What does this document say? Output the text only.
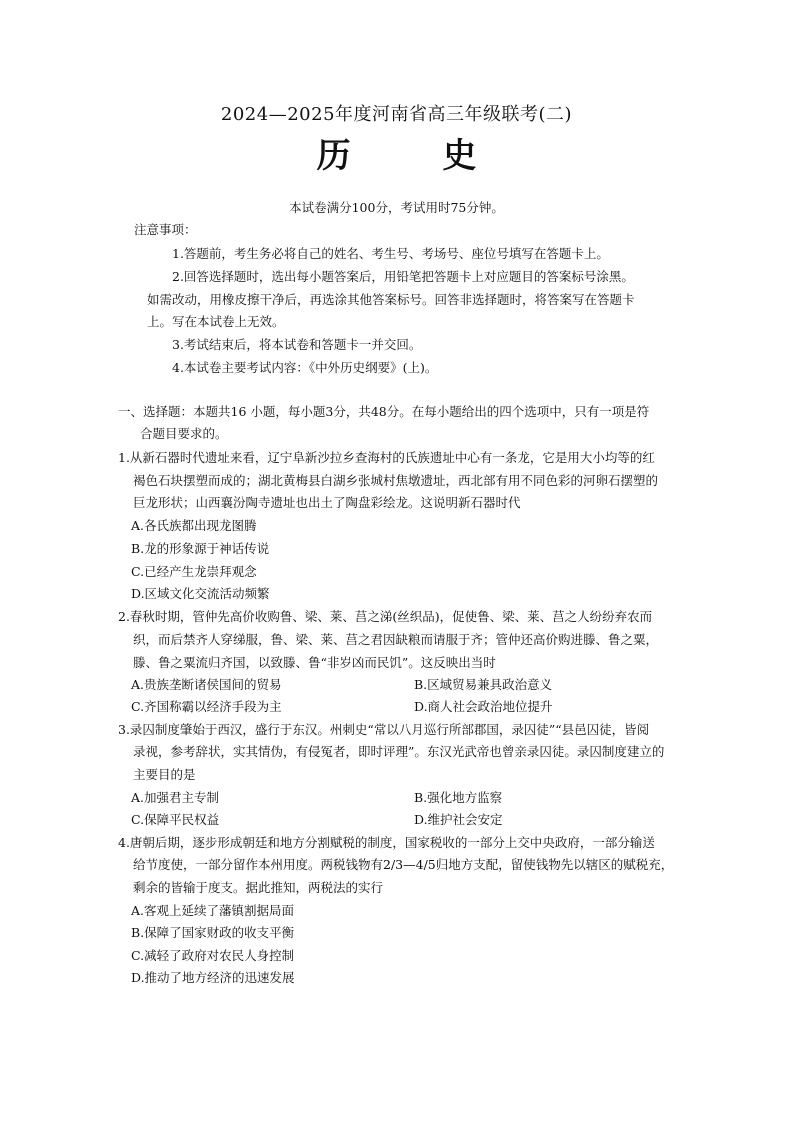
2024—2025年度河南省高三年级联考(二)
历 史
本试卷满分100分，考试用时75分钟。
注意事项：
1.答题前，考生务必将自己的姓名、考生号、考场号、座位号填写在答题卡上。
2.回答选择题时，选出每小题答案后，用铅笔把答题卡上对应题目的答案标号涂黑。
如需改动，用橡皮擦干净后，再选涂其他答案标号。回答非选择题时，将答案写在答题卡
上。写在本试卷上无效。
3.考试结束后，将本试卷和答题卡一并交回。
4.本试卷主要考试内容：《中外历史纲要》(上)。
一、选择题：本题共16 小题，每小题3分，共48分。在每小题给出的四个选项中，只有一项是符
合题目要求的。
1.从新石器时代遗址来看，辽宁阜新沙拉乡查海村的氏族遗址中心有一条龙，它是用大小均等的红
褐色石块摆塑而成的；湖北黄梅县白湖乡张城村焦墩遗址，西北部有用不同色彩的河卵石摆塑的
巨龙形状；山西襄汾陶寺遗址也出土了陶盘彩绘龙。这说明新石器时代
A.各氏族都出现龙图腾
B.龙的形象源于神话传说
C.已经产生龙崇拜观念
D.区域文化交流活动频繁
2.春秋时期，管仲先高价收购鲁、梁、莱、莒之涕(丝织品)，促使鲁、梁、莱、莒之人纷纷弃农而
织，而后禁齐人穿绨服，鲁、梁、莱、莒之君因缺粮而请服于齐；管仲还高价购进滕、鲁之粟，
滕、鲁之粟流归齐国，以致滕、鲁“非岁凶而民饥”。这反映出当时
A.贵族垄断诸侯国间的贸易	B.区域贸易兼具政治意义
C.齐国称霸以经济手段为主	D.商人社会政治地位提升
3.录囚制度肇始于西汉，盛行于东汉。州刺史“常以八月巡行所部郡国，录囚徒”“县邑囚徒，皆阅
录视，参考辞状，实其情伪，有侵冤者，即时评理”。东汉光武帝也曾亲录囚徒。录囚制度建立的
主要目的是
A.加强君主专制	B.强化地方监察
C.保障平民权益	D.维护社会安定
4.唐朝后期，逐步形成朝廷和地方分割赋税的制度，国家税收的一部分上交中央政府，一部分输送
给节度使，一部分留作本州用度。两税钱物有2/3—4/5归地方支配，留使钱物先以辖区的赋税充，
剩余的皆输于度支。据此推知，两税法的实行
A.客观上延续了藩镇割据局面
B.保障了国家财政的收支平衡
C.减轻了政府对农民人身控制
D.推动了地方经济的迅速发展
